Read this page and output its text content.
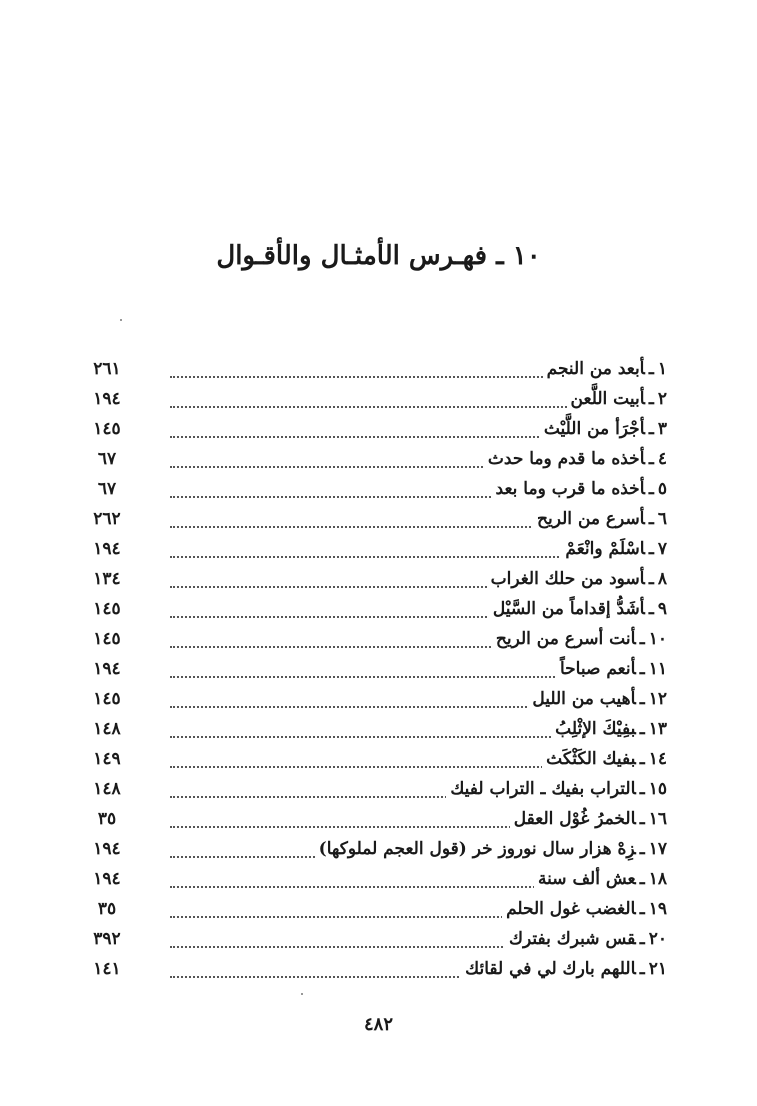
١٠ ـ فهـرس الأمثـال والأقـوال
١ـأبعد من النجم
٢٦١
٢ـأبيت اللَّعن
١٩٤
٣ـأجْرَأ من اللَّيْث
١٤٥
٤ـأخذه ما قدم وما حدث
٦٧
٥ـأخذه ما قرب وما بعد
٦٧
٦ـأسرع من الريح
٢٦٢
٧ـاسْلَمْ وانْعَمْ
١٩٤
٨ـأسود من حلك الغراب
١٣٤
٩ـأشَدُّ إقداماً من السَّيْل
١٤٥
١٠ـأنت أسرع من الريح
١٤٥
١١ـأنعم صباحاً
١٩٤
١٢ـأهيب من الليل
١٤٥
١٣ـبفِيْكَ الإثْلِبُ
١٤٨
١٤ـبفيك الكَثْكَث
١٤٩
١٥ـالتراب بفيك ـ التراب لفيك
١٤٨
١٦ـالخمرُ غُوْل العقل
٣٥
١٧ـزِهْ هزار سال نوروز خر (قول العجم لملوكها)
١٩٤
١٨ـعش ألف سنة
١٩٤
١٩ـالغضب غول الحلم
٣٥
٢٠ـقس شبرك بفترك
٣٩٢
٢١ـاللهم بارك لي في لقائك
١٤١
٤٨٢
